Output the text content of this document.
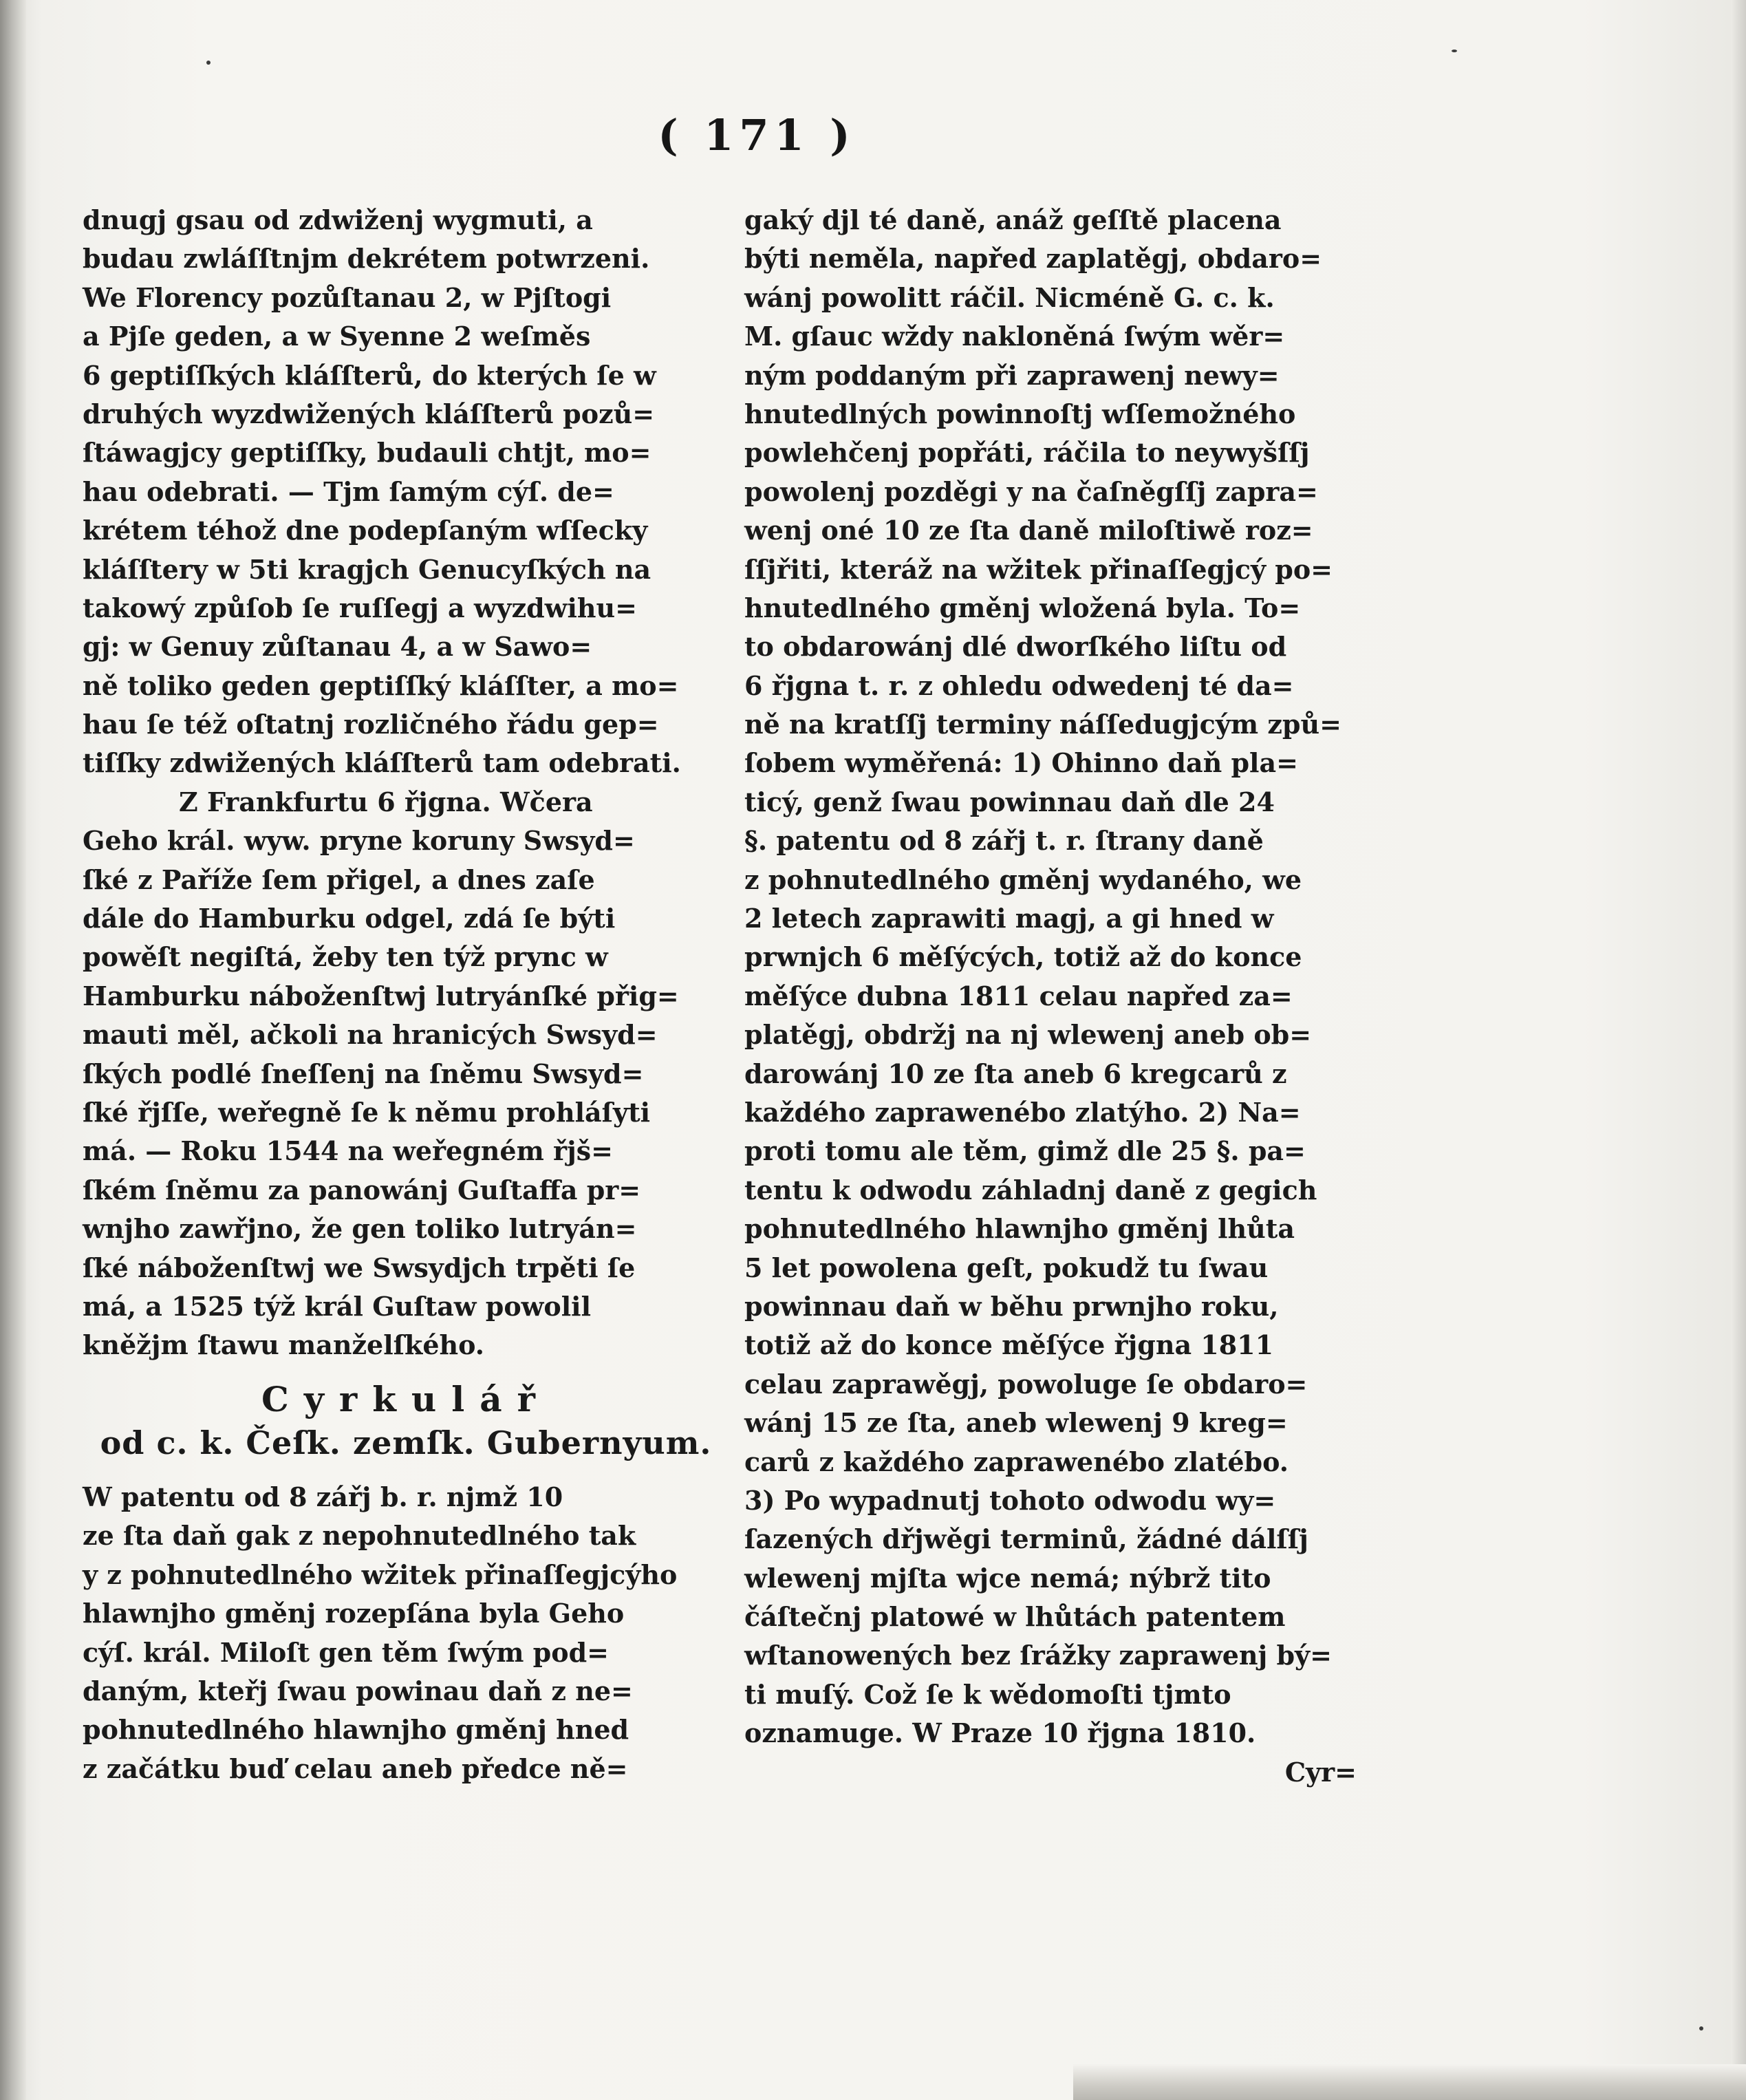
( 171 )
dnugj gsau od zdwiženj wygmuti, a
budau zwláſſtnjm dekrétem potwrzeni.
We Florency pozůſtanau 2, w Pjſtogi
a Pjſe geden, a w Syenne 2 weſměs
6 geptiſſkých kláſſterů, do kterých ſe w
druhých wyzdwižených kláſſterů pozů=
ſtáwagjcy geptiſſky, budauli chtjt, mo=
hau odebrati. — Tjm ſamým cýſ. de=
krétem téhož dne podepſaným wſſecky
kláſſtery w 5ti kragjch Genucyſkých na
takowý způſob ſe ruſſegj a wyzdwihu=
gj: w Genuy zůſtanau 4, a w Sawo=
ně toliko geden geptiſſký kláſſter, a mo=
hau ſe též oſtatnj rozličného řádu gep=
tiſſky zdwižených kláſſterů tam odebrati.
Z Frankfurtu 6 řjgna. Wčera
Geho král. wyw. pryne koruny Swsyd=
ſké z Paříže ſem přigel, a dnes zaſe
dále do Hamburku odgel, zdá ſe býti
powěſt negiſtá, žeby ten týž prync w
Hamburku náboženſtwj lutryánſké přig=
mauti měl, ačkoli na hranicých Swsyd=
ſkých podlé ſneſſenj na ſněmu Swsyd=
ſké řjſſe, weřegně ſe k němu prohláſyti
má. — Roku 1544 na weřegném řjš=
ſkém ſněmu za panowánj Guſtaffa pr=
wnjho zawřjno, že gen toliko lutryán=
ſké náboženſtwj we Swsydjch trpěti ſe
má, a 1525 týž král Guſtaw powolil
kněžjm ſtawu manželſkého.
Cyrkulář
od c. k. Čeſk. zemſk. Gubernyum.
W patentu od 8 zářj b. r. njmž 10
ze ſta daň gak z nepohnutedlného tak
y z pohnutedlného wžitek přinaſſegjcýho
hlawnjho gměnj rozepſána byla Geho
cýſ. král. Miloſt gen těm ſwým pod=
daným, kteřj ſwau powinau daň z ne=
pohnutedlného hlawnjho gměnj hned
z začátku buď celau aneb předce ně=
gaký djl té daně, anáž geſſtě placena
býti neměla, napřed zaplatěgj, obdaro=
wánj powolitt ráčil. Nicméně G. c. k.
M. gſauc wždy nakloněná ſwým wěr=
ným poddaným při zaprawenj newy=
hnutedlných powinnoſtj wſſemožného
powlehčenj popřáti, ráčila to neywyšſſj
powolenj pozděgi y na čaſněgſſj zapra=
wenj oné 10 ze ſta daně miloſtiwě roz=
ſſjřiti, kteráž na wžitek přinaſſegjcý po=
hnutedlného gměnj wložená byla. To=
to obdarowánj dlé dworſkého liſtu od
6 řjgna t. r. z ohledu odwedenj té da=
ně na kratſſj terminy náſſedugjcým způ=
ſobem wyměřená: 1) Ohinno daň pla=
ticý, genž ſwau powinnau daň dle 24
§. patentu od 8 zářj t. r. ſtrany daně
z pohnutedlného gměnj wydaného, we
2 letech zaprawiti magj, a gi hned w
prwnjch 6 měſýcých, totiž až do konce
měſýce dubna 1811 celau napřed za=
platěgj, obdržj na nj wlewenj aneb ob=
darowánj 10 ze ſta aneb 6 kregcarů z
každého zaprawenébo zlatýho. 2) Na=
proti tomu ale těm, gimž dle 25 §. pa=
tentu k odwodu záhladnj daně z gegich
pohnutedlného hlawnjho gměnj lhůta
5 let powolena geſt, pokudž tu ſwau
powinnau daň w běhu prwnjho roku,
totiž až do konce měſýce řjgna 1811
celau zaprawěgj, powoluge ſe obdaro=
wánj 15 ze ſta, aneb wlewenj 9 kreg=
carů z každého zaprawenébo zlatébo.
3) Po wypadnutj tohoto odwodu wy=
ſazených dřjwěgi terminů, žádné dálſſj
wlewenj mjſta wjce nemá; nýbrž tito
čáſtečnj platowé w lhůtách patentem
wſtanowených bez ſrážky zaprawenj bý=
ti muſý. Což ſe k wědomoſti tjmto
oznamuge. W Praze 10 řjgna 1810.
Cyr=
